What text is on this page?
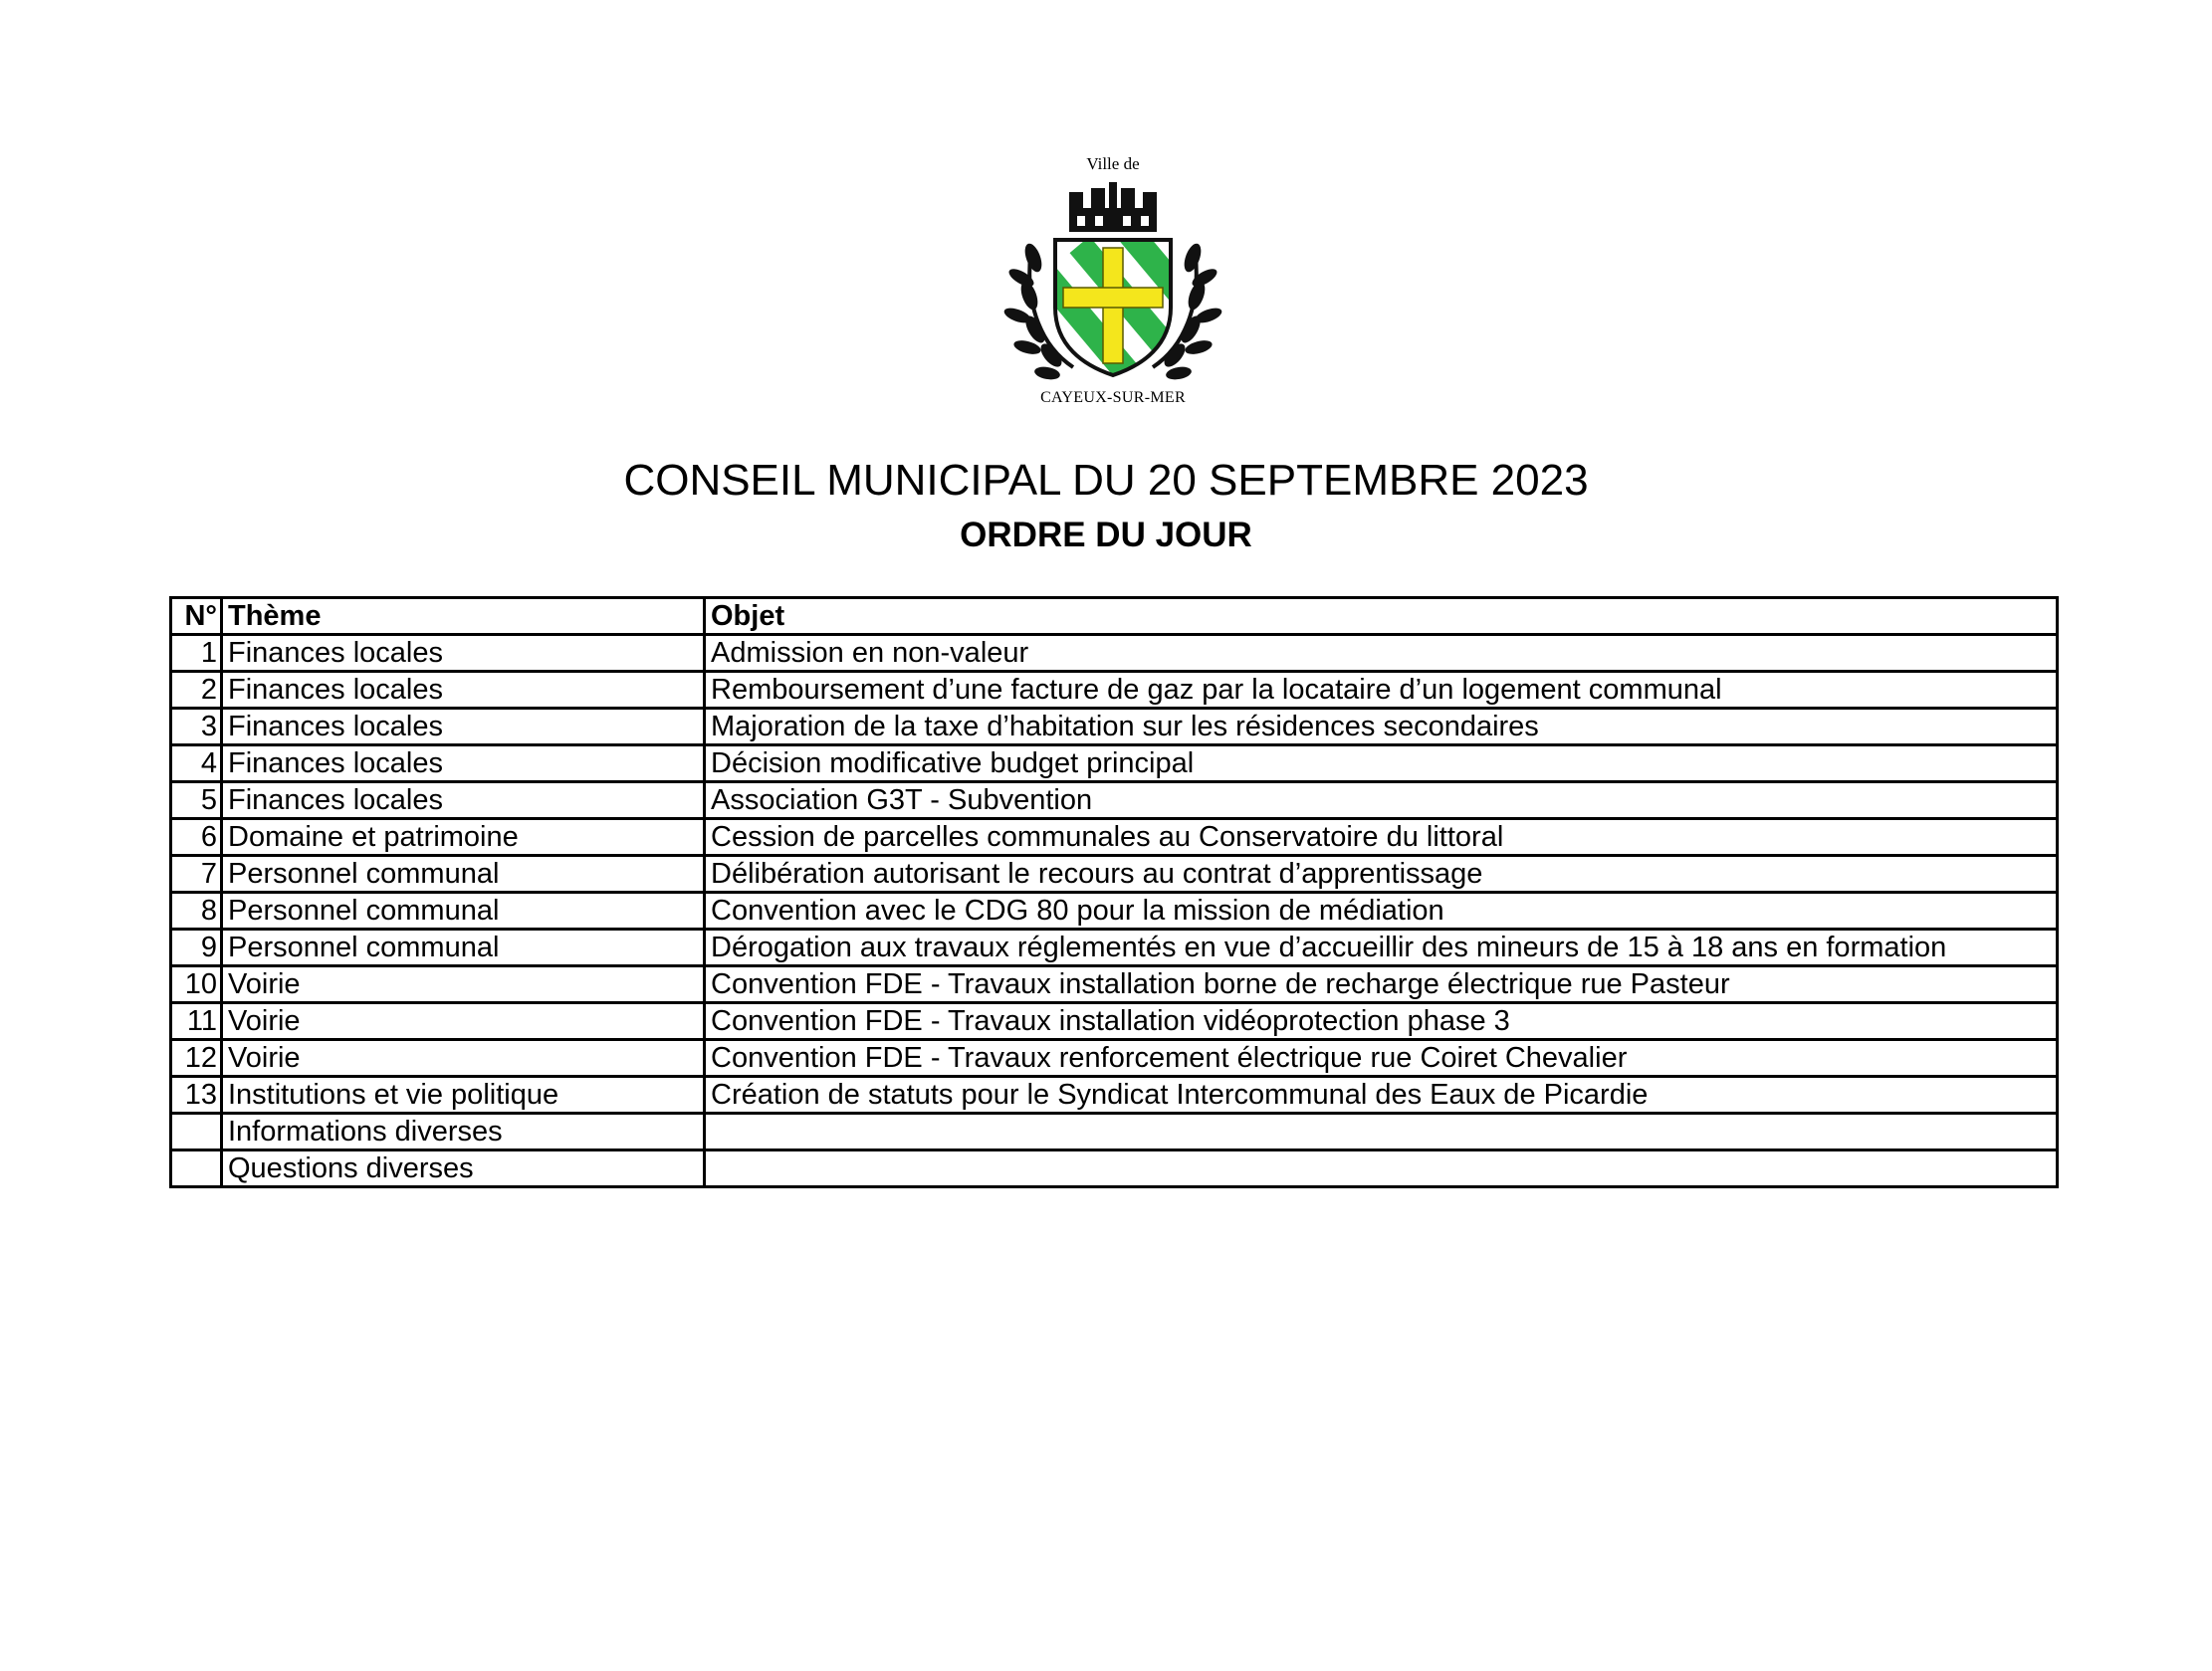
Ville de
CAYEUX-SUR-MER
CONSEIL MUNICIPAL DU 20 SEPTEMBRE 2023
ORDRE DU JOUR
N°	Thème	Objet
1	Finances locales	Admission en non-valeur
2	Finances locales	Remboursement d’une facture de gaz par la locataire d’un logement communal
3	Finances locales	Majoration de la taxe d’habitation sur les résidences secondaires
4	Finances locales	Décision modificative budget principal
5	Finances locales	Association G3T - Subvention
6	Domaine et patrimoine	Cession de parcelles communales au Conservatoire du littoral
7	Personnel communal	Délibération autorisant le recours au contrat d’apprentissage
8	Personnel communal	Convention avec le CDG 80 pour la mission de médiation
9	Personnel communal	Dérogation aux travaux réglementés en vue d’accueillir des mineurs de 15 à 18 ans en formation
10	Voirie	Convention FDE - Travaux installation borne de recharge électrique rue Pasteur
11	Voirie	Convention FDE - Travaux installation vidéoprotection phase 3
12	Voirie	Convention FDE - Travaux renforcement électrique rue Coiret Chevalier
13	Institutions et vie politique	Création de statuts pour le Syndicat Intercommunal des Eaux de Picardie
	Informations diverses	
	Questions diverses	
